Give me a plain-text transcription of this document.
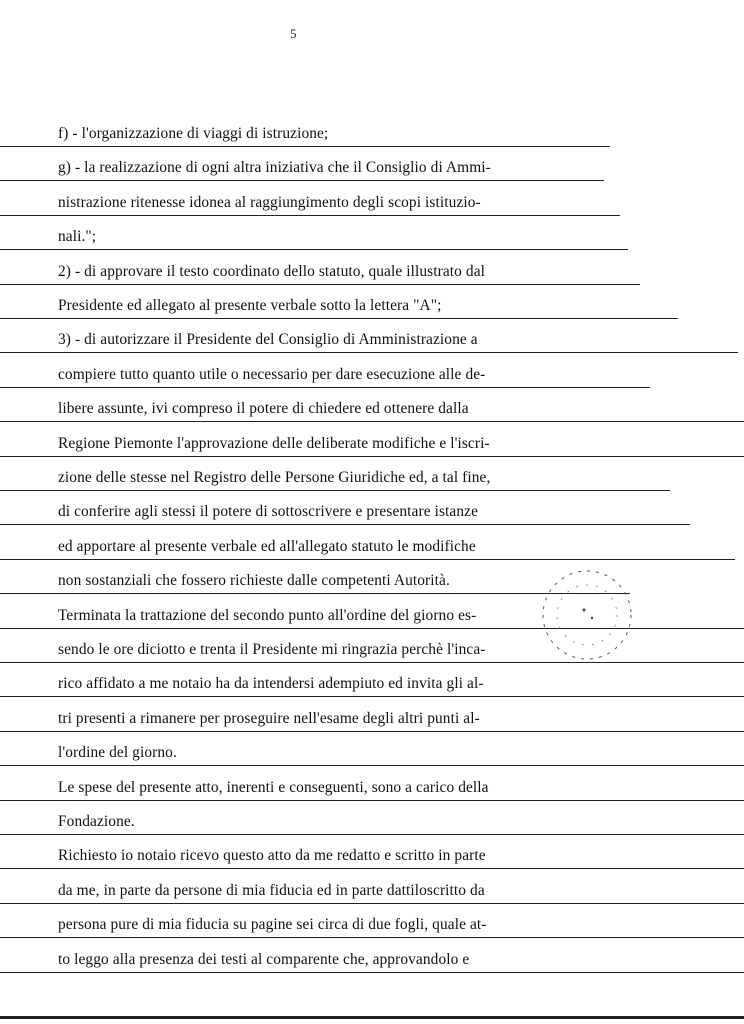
5
f) - l'organizzazione di viaggi di istruzione;
g) - la realizzazione di ogni altra iniziativa che il Consiglio di Ammi-
nistrazione ritenesse idonea al raggiungimento degli scopi istituzio-
nali.";
2) - di approvare il testo coordinato dello statuto, quale illustrato dal
Presidente ed allegato al presente verbale sotto la lettera "A";
3) - di autorizzare il Presidente del Consiglio di Amministrazione a
compiere tutto quanto utile o necessario per dare esecuzione alle de-
libere assunte, ivi compreso il potere di chiedere ed ottenere dalla
Regione Piemonte l'approvazione delle deliberate modifiche e l'iscri-
zione delle stesse nel Registro delle Persone Giuridiche ed, a tal fine,
di conferire agli stessi il potere di sottoscrivere e presentare istanze
ed apportare al presente verbale ed all'allegato statuto le modifiche
non sostanziali che fossero richieste dalle competenti Autorità.
Terminata la trattazione del secondo punto all'ordine del giorno es-
sendo le ore diciotto e trenta il Presidente mi ringrazia perchè l'inca-
rico affidato a me notaio ha da intendersi adempiuto ed invita gli al-
tri presenti a rimanere per proseguire nell'esame degli altri punti al-
l'ordine del giorno.
Le spese del presente atto, inerenti e conseguenti, sono a carico della
Fondazione.
Richiesto io notaio ricevo questo atto da me redatto e scritto in parte
da me, in parte da persone di mia fiducia ed in parte dattiloscritto da
persona pure di mia fiducia su pagine sei circa di due fogli, quale at-
to leggo alla presenza dei testi al comparente che, approvandolo e
